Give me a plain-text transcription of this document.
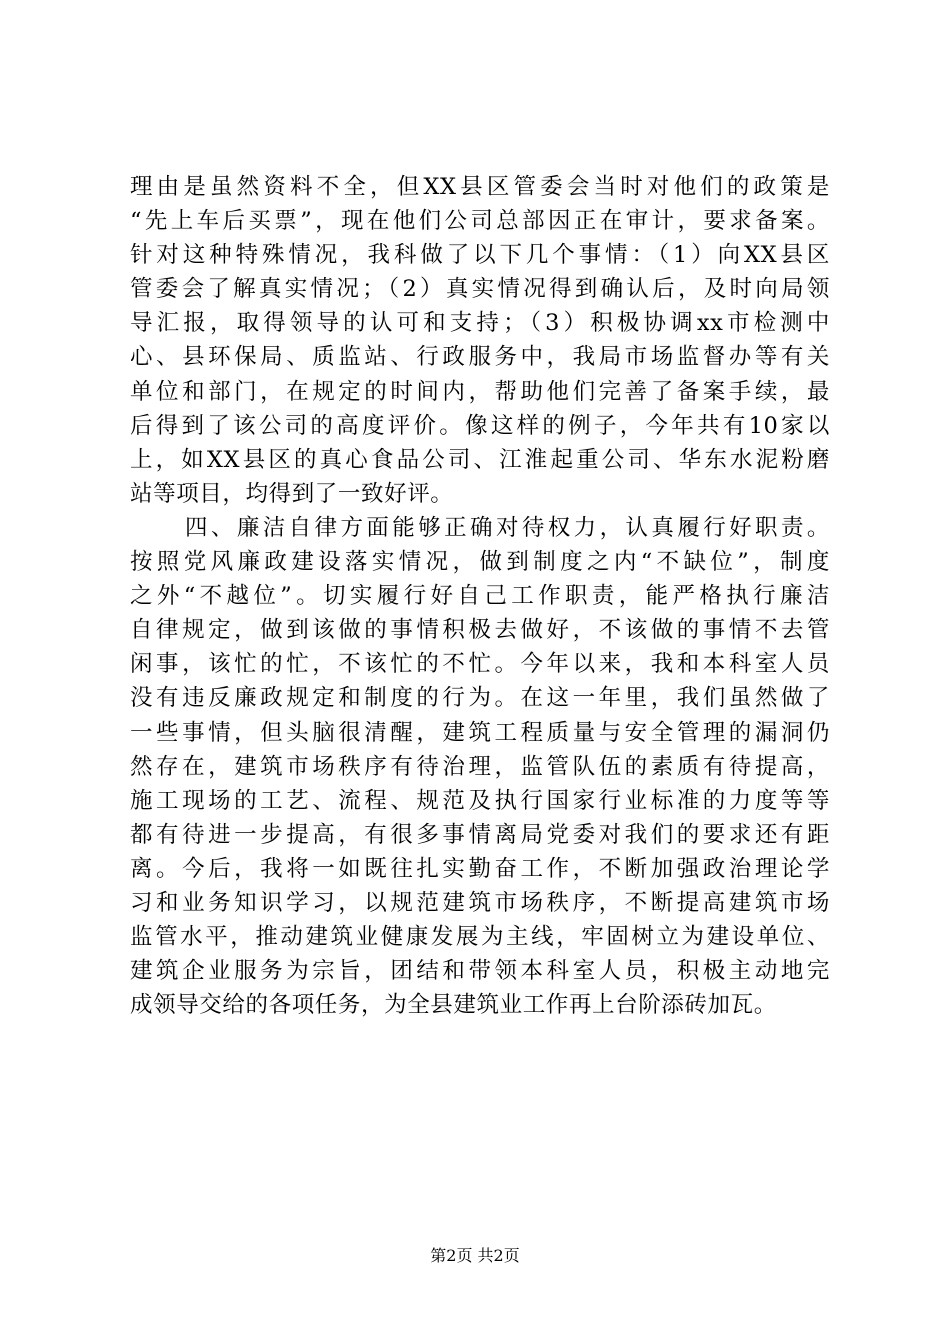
理由是虽然资料不全，但XX县区管委会当时对他们的政策是
“先上车后买票”，现在他们公司总部因正在审计，要求备案。
针对这种特殊情况，我科做了以下几个事情：（1）向XX县区
管委会了解真实情况；（2）真实情况得到确认后，及时向局领
导汇报，取得领导的认可和支持；（3）积极协调xx市检测中
心、县环保局、质监站、行政服务中，我局市场监督办等有关
单位和部门，在规定的时间内，帮助他们完善了备案手续，最
后得到了该公司的高度评价。像这样的例子，今年共有10家以
上，如XX县区的真心食品公司、江淮起重公司、华东水泥粉磨
站等项目，均得到了一致好评。
四、廉洁自律方面能够正确对待权力，认真履行好职责。
按照党风廉政建设落实情况，做到制度之内“不缺位”，制度
之外“不越位”。切实履行好自己工作职责，能严格执行廉洁
自律规定，做到该做的事情积极去做好，不该做的事情不去管
闲事，该忙的忙，不该忙的不忙。今年以来，我和本科室人员
没有违反廉政规定和制度的行为。在这一年里，我们虽然做了
一些事情，但头脑很清醒，建筑工程质量与安全管理的漏洞仍
然存在，建筑市场秩序有待治理，监管队伍的素质有待提高，
施工现场的工艺、流程、规范及执行国家行业标准的力度等等
都有待进一步提高，有很多事情离局党委对我们的要求还有距
离。今后，我将一如既往扎实勤奋工作，不断加强政治理论学
习和业务知识学习，以规范建筑市场秩序，不断提高建筑市场
监管水平，推动建筑业健康发展为主线，牢固树立为建设单位、
建筑企业服务为宗旨，团结和带领本科室人员，积极主动地完
成领导交给的各项任务，为全县建筑业工作再上台阶添砖加瓦。
第2页 共2页
